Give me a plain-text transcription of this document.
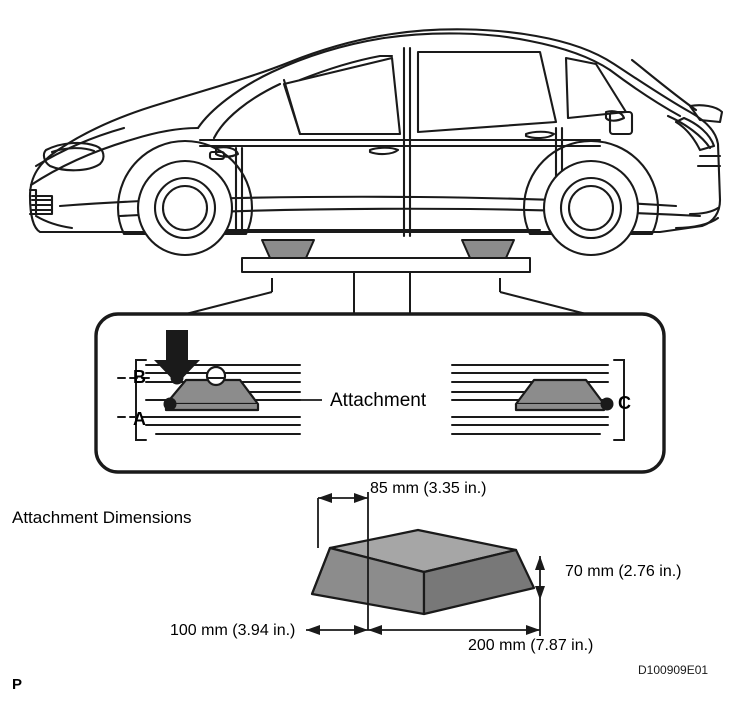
Attachment
A
B
C
Attachment Dimensions
85 mm (3.35 in.)
70 mm (2.76 in.)
100 mm (3.94 in.)
200 mm (7.87 in.)
D100909E01
P
